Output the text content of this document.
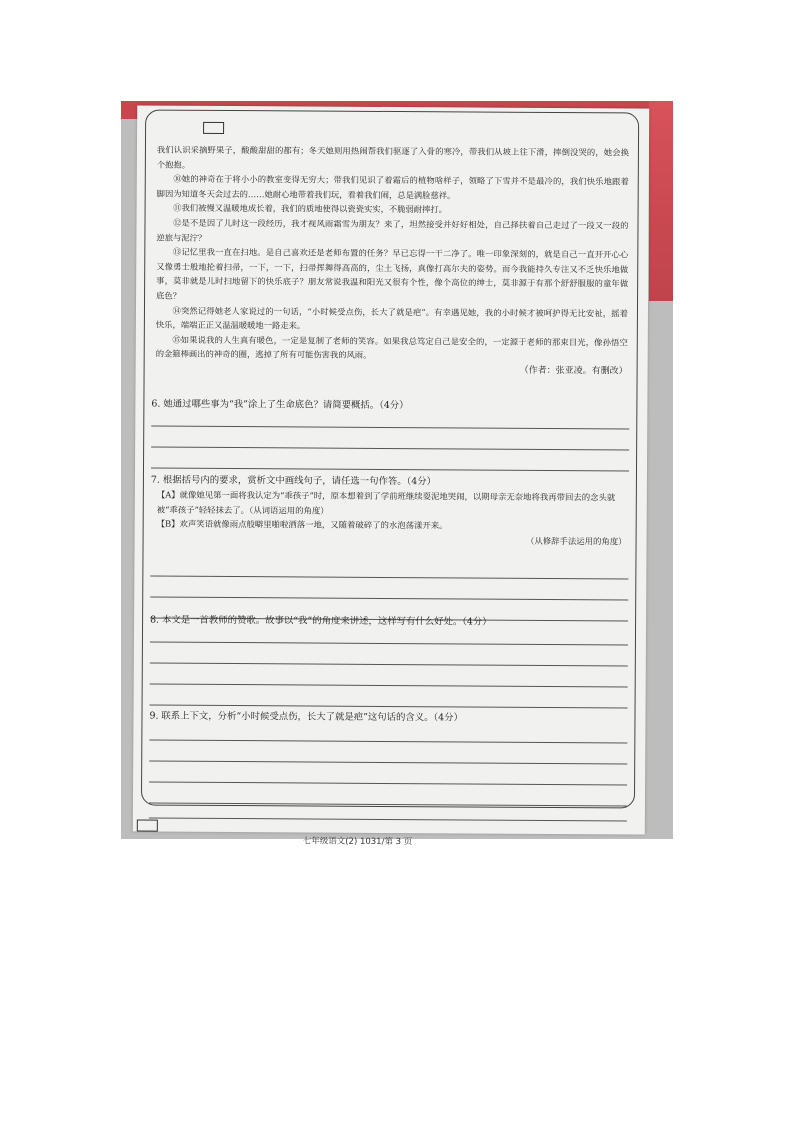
我们认识采摘野果子，酸酸甜甜的都有；冬天她则用热闹帮我们驱逐了入骨的寒冷，带我们从坡上往下滑，摔倒没哭的，她会换个抱抱。

⑩她的神奇在于将小小的教室变得无穷大；带我们见识了着霜后的植物啥样子，领略了下雪并不是最冷的，我们快乐地跟着脚因为知道冬天会过去的……她耐心地带着我们玩，看着我们闹，总是满脸慈祥。

⑪我们被慢又温暖地成长着，我们的质地使得以瓷瓷实实，不脆弱耐摔打。

⑫是不是因了儿时这一段经历，我才视风雨霜雪为朋友？来了，坦然接受并好好相处，自己择扶着自己走过了一段又一段的逆旅与泥泞？

⑬记忆里我一直在扫地。是自己喜欢还是老师布置的任务？早已忘得一干二净了。唯一印象深刻的，就是自己一直开开心心又像勇士般地抡着扫帚，一下，一下，扫帚挥舞得高高的，尘土飞扬，真像打高尔夫的姿势。而今我能持久专注又不乏快乐地做事，莫非就是儿时扫地留下的快乐底子？朋友常说我温和阳光又很有个性，像个高位的绅士，莫非源于有那个舒舒服服的童年做底色？

⑭突然记得她老人家说过的一句话，“小时候受点伤，长大了就是疤”。有幸遇见她，我的小时候才被呵护得无比安祉，摇着快乐，端端正正又温温暖暖地一路走来。

⑮如果说我的人生真有暖色，一定是复制了老师的笑容。如果我总笃定自己是安全的，一定源于老师的那束目光，像孙悟空的金箍棒画出的神奇的圈，逃掉了所有可能伤害我的风雨。

（作者：张亚凌。有删改）
6. 她通过哪些事为“我”涂上了生命底色？请简要概括。（4分）
7. 根据括号内的要求，赏析文中画线句子，请任选一句作答。（4分）
【A】就像她见第一面将我认定为“乖孩子”时，原本想着到了学前班继续耍泥地哭闹，以期母亲无奈地将我再带回去的念头就被“乖孩子”轻轻抹去了。（从词语运用的角度）
【B】欢声笑语就像雨点般噼里啪啦洒落一地，又随着破碎了的水泡荡漾开来。
（从修辞手法运用的角度）
8. 本文是一首教师的赞歌。故事以“我”的角度来讲述，这样写有什么好处。（4分）
9. 联系上下文，分析“小时候受点伤，长大了就是疤”这句话的含义。（4分）
七年级语文(2) 1031/第 3 页
